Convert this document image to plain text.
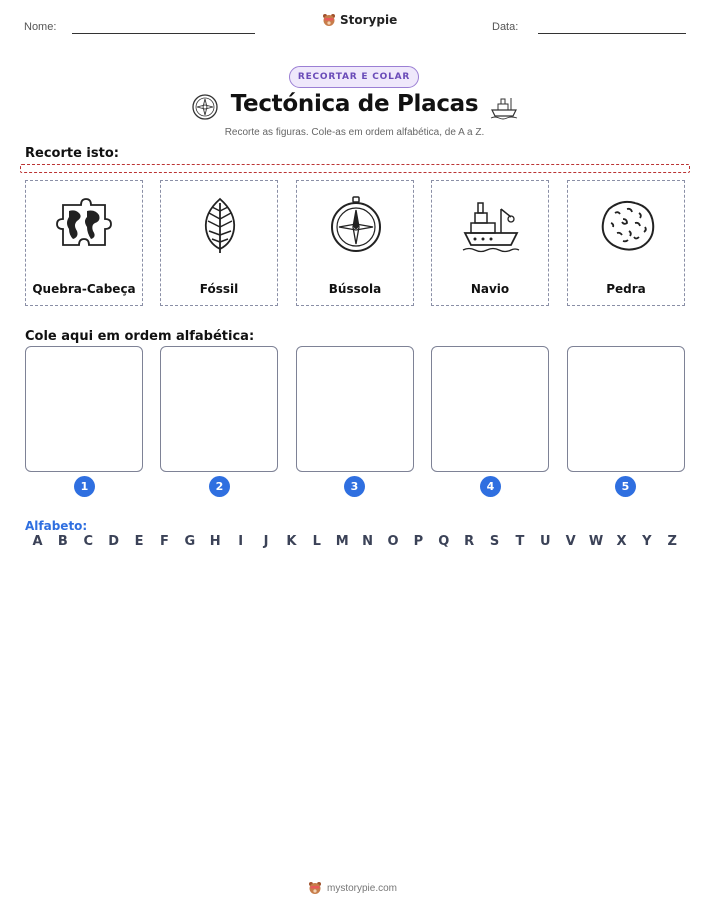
Nome:	Storypie	Data:
RECORTAR E COLAR
Tectónica de Placas
Recorte as figuras. Cole-as em ordem alfabética, de A a Z.
Recorte isto:
Quebra-Cabeça	Fóssil	Bússola	Navio	Pedra
Cole aqui em ordem alfabética:
1	2	3	4	5
Alfabeto:
A	B	C	D	E	F	G	H	I	J	K	L	M	N	O	P	Q	R	S	T	U	V	W	X	Y	Z
mystorypie.com
